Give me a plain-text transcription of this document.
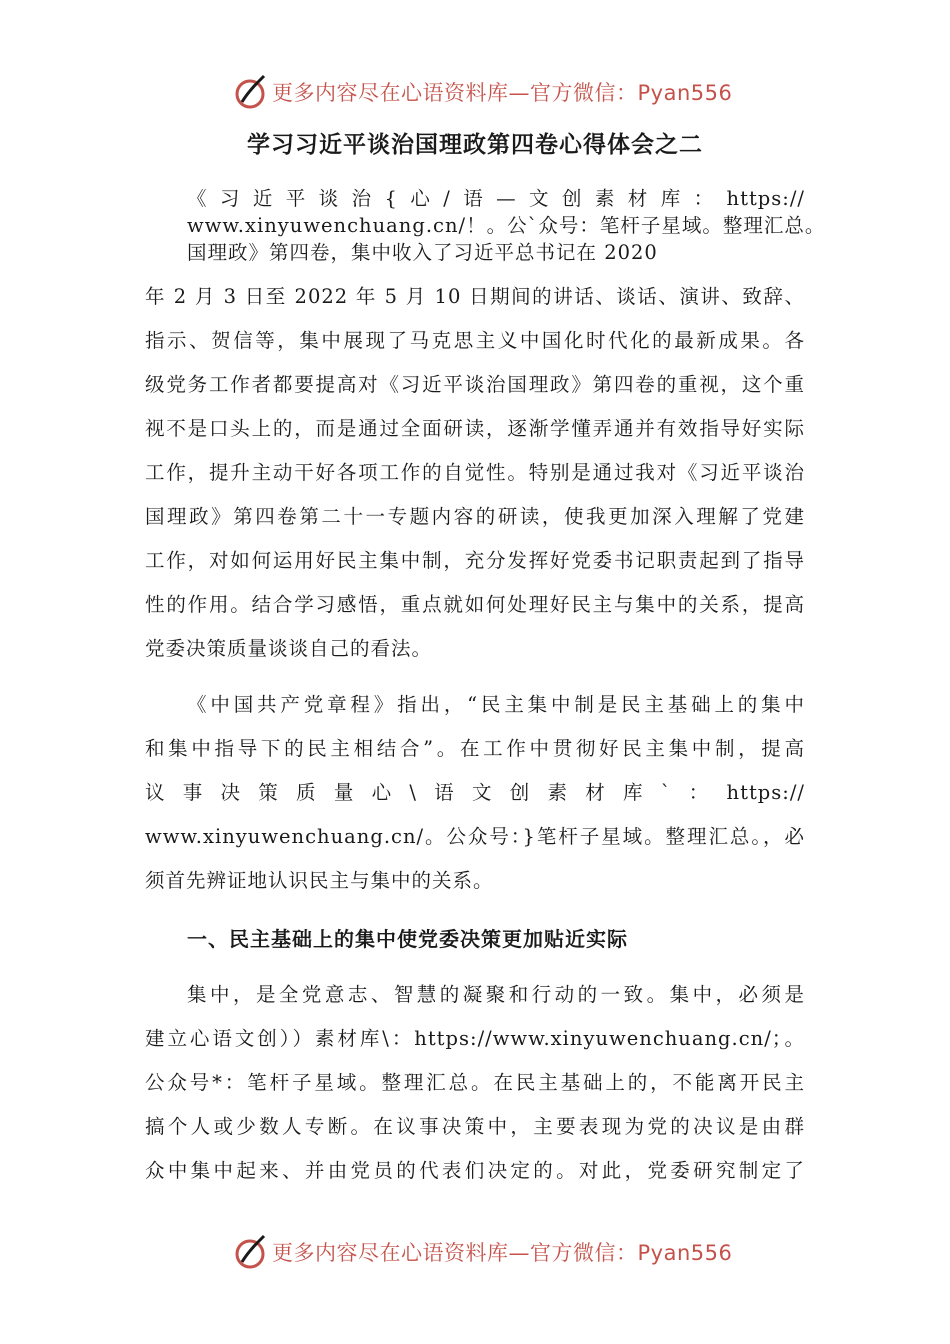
更多内容尽在心语资料库—官方微信：Pyan556
学习习近平谈治国理政第四卷心得体会之二
《习近平谈治{心/语—文创素材库：https://
www.xinyuwenchuang.cn/！。公`众号：笔杆子星域。整理汇总。
国理政》第四卷，集中收入了习近平总书记在 2020
年 2 月 3 日至 2022 年 5 月 10 日期间的讲话、谈话、演讲、致辞、
指示、贺信等，集中展现了马克思主义中国化时代化的最新成果。各
级党务工作者都要提高对《习近平谈治国理政》第四卷的重视，这个重
视不是口头上的，而是通过全面研读，逐渐学懂弄通并有效指导好实际
工作，提升主动干好各项工作的自觉性。特别是通过我对《习近平谈治
国理政》第四卷第二十一专题内容的研读，使我更加深入理解了党建
工作，对如何运用好民主集中制，充分发挥好党委书记职责起到了指导
性的作用。结合学习感悟，重点就如何处理好民主与集中的关系，提高
党委决策质量谈谈自己的看法。
《中国共产党章程》指出，“民主集中制是民主基础上的集中
和集中指导下的民主相结合”。在工作中贯彻好民主集中制，提高
议事决策质量心\语文创素材库`：https://
www.xinyuwenchuang.cn/。公众号：}笔杆子星域。整理汇总。，必
须首先辨证地认识民主与集中的关系。
一、民主基础上的集中使党委决策更加贴近实际
集中，是全党意志、智慧的凝聚和行动的一致。集中，必须是
建立心语文创））素材库\：https://www.xinyuwenchuang.cn/；。
公众号*：笔杆子星域。整理汇总。在民主基础上的，不能离开民主
搞个人或少数人专断。在议事决策中，主要表现为党的决议是由群
众中集中起来、并由党员的代表们决定的。对此，党委研究制定了
更多内容尽在心语资料库—官方微信：Pyan556
